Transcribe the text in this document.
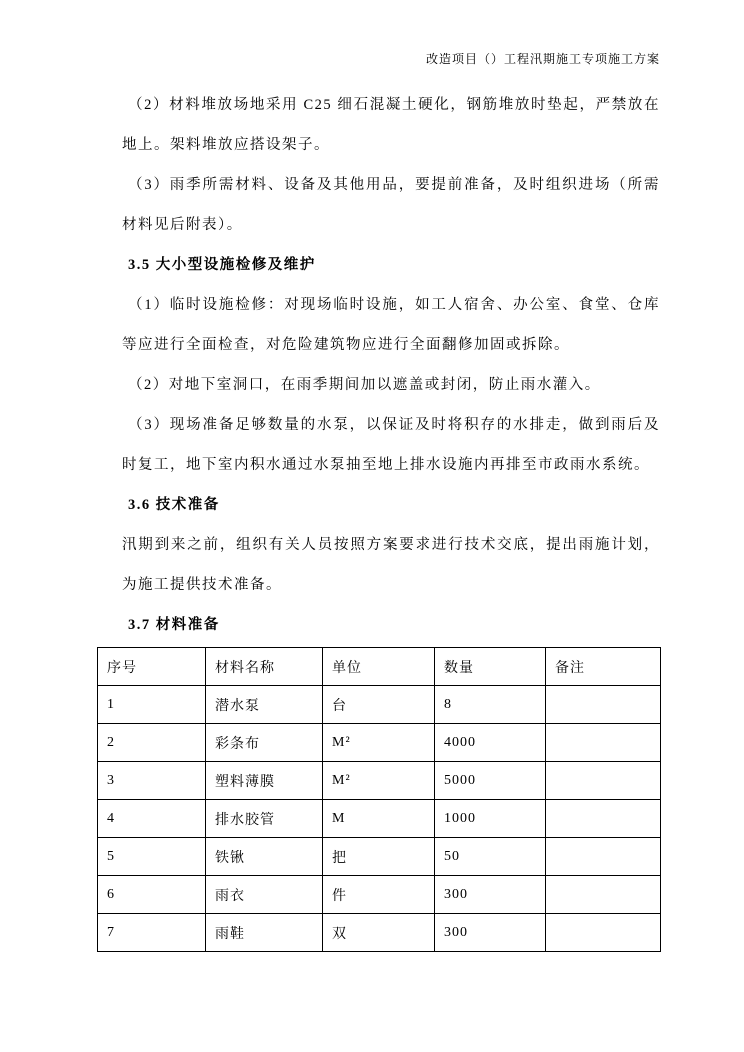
改造项目（）工程汛期施工专项施工方案

（2）材料堆放场地采用 C25 细石混凝土硬化，钢筋堆放时垫起，严禁放在地上。架料堆放应搭设架子。

（3）雨季所需材料、设备及其他用品，要提前准备，及时组织进场（所需材料见后附表）。

3.5 大小型设施检修及维护

（1）临时设施检修：对现场临时设施，如工人宿舍、办公室、食堂、仓库等应进行全面检查，对危险建筑物应进行全面翻修加固或拆除。

（2）对地下室洞口，在雨季期间加以遮盖或封闭，防止雨水灌入。

（3）现场准备足够数量的水泵，以保证及时将积存的水排走，做到雨后及时复工，地下室内积水通过水泵抽至地上排水设施内再排至市政雨水系统。

3.6 技术准备

汛期到来之前，组织有关人员按照方案要求进行技术交底，提出雨施计划，为施工提供技术准备。

3.7 材料准备

序号	材料名称	单位	数量	备注
1	潜水泵	台	8	
2	彩条布	M²	4000	
3	塑料薄膜	M²	5000	
4	排水胶管	M	1000	
5	铁锹	把	50	
6	雨衣	件	300	
7	雨鞋	双	300	
